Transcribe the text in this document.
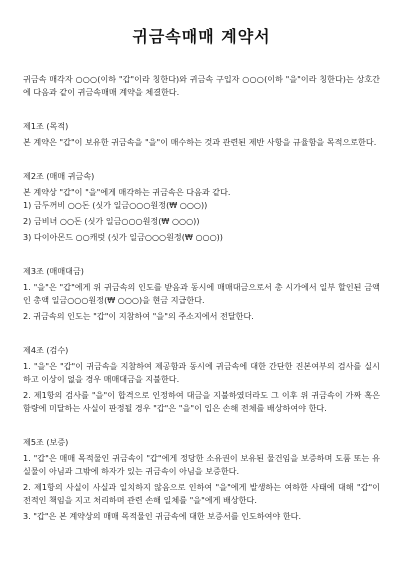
귀금속매매 계약서

귀금속 매각자 ○○○(이하 "갑"이라 칭한다)와 귀금속 구입자 ○○○(이하 "을"이라 칭한다)는 상호간에 다음과 같이 귀금속매매 계약을 체결한다.

제1조 (목적)

본 계약은 "갑"이 보유한 귀금속을 "을"이 매수하는 것과 관련된 제반 사항을 규율함을 목적으로한다.

제2조 (매매 귀금속)

본 계약상 "갑"이 "을"에게 매각하는 귀금속은 다음과 같다.

1) 금두꺼비 ○○돈 (싯가 일금○○○원정(₩ ○○○))

2) 금비녀 ○○돈 (싯가 일금○○○원정(₩ ○○○))

3) 다이아몬드 ○○캐럿 (싯가 일금○○○원정(₩ ○○○))

제3조 (매매대금)

1. "을"은 "갑"에게 위 귀금속의 인도를 받음과 동시에 매매대금으로서 총 시가에서 일부 할인된 금액인 총액 일금○○○원정(₩ ○○○)을 현금 지급한다.

2. 귀금속의 인도는 "갑"이 지참하여 "을"의 주소지에서 전달한다.

제4조 (검수)

1. "을"은 "갑"이 귀금속을 지참하여 제공함과 동시에 귀금속에 대한 간단한 진본여부의 검사를 실시하고 이상이 없을 경우 매매대금을 지불한다.

2. 제1항의 검사를 "을"이 합격으로 인정하여 대금을 지불하였더라도 그 이후 위 귀금속이 가짜 혹은 함량에 미달하는 사실이 판정될 경우 "갑"은 "을"이 입은 손해 전체를 배상하여야 한다.

제5조 (보증)

1. "갑"은 매매 목적물인 귀금속이 "갑"에게 정당한 소유권이 보유된 물건임을 보증하며 도품 또는 유실물이 아님과 그밖에 하자가 있는 귀금속이 아님을 보증한다.

2. 제1항의 사실이 사실과 일치하지 않음으로 인하여 "을"에게 발생하는 여하한 사태에 대해 "갑"이 전적인 책임을 지고 처리하며 관련 손해 일체를 "을"에게 배상한다.

3. "갑"은 본 계약상의 매매 목적물인 귀금속에 대한 보증서를 인도하여야 한다.
